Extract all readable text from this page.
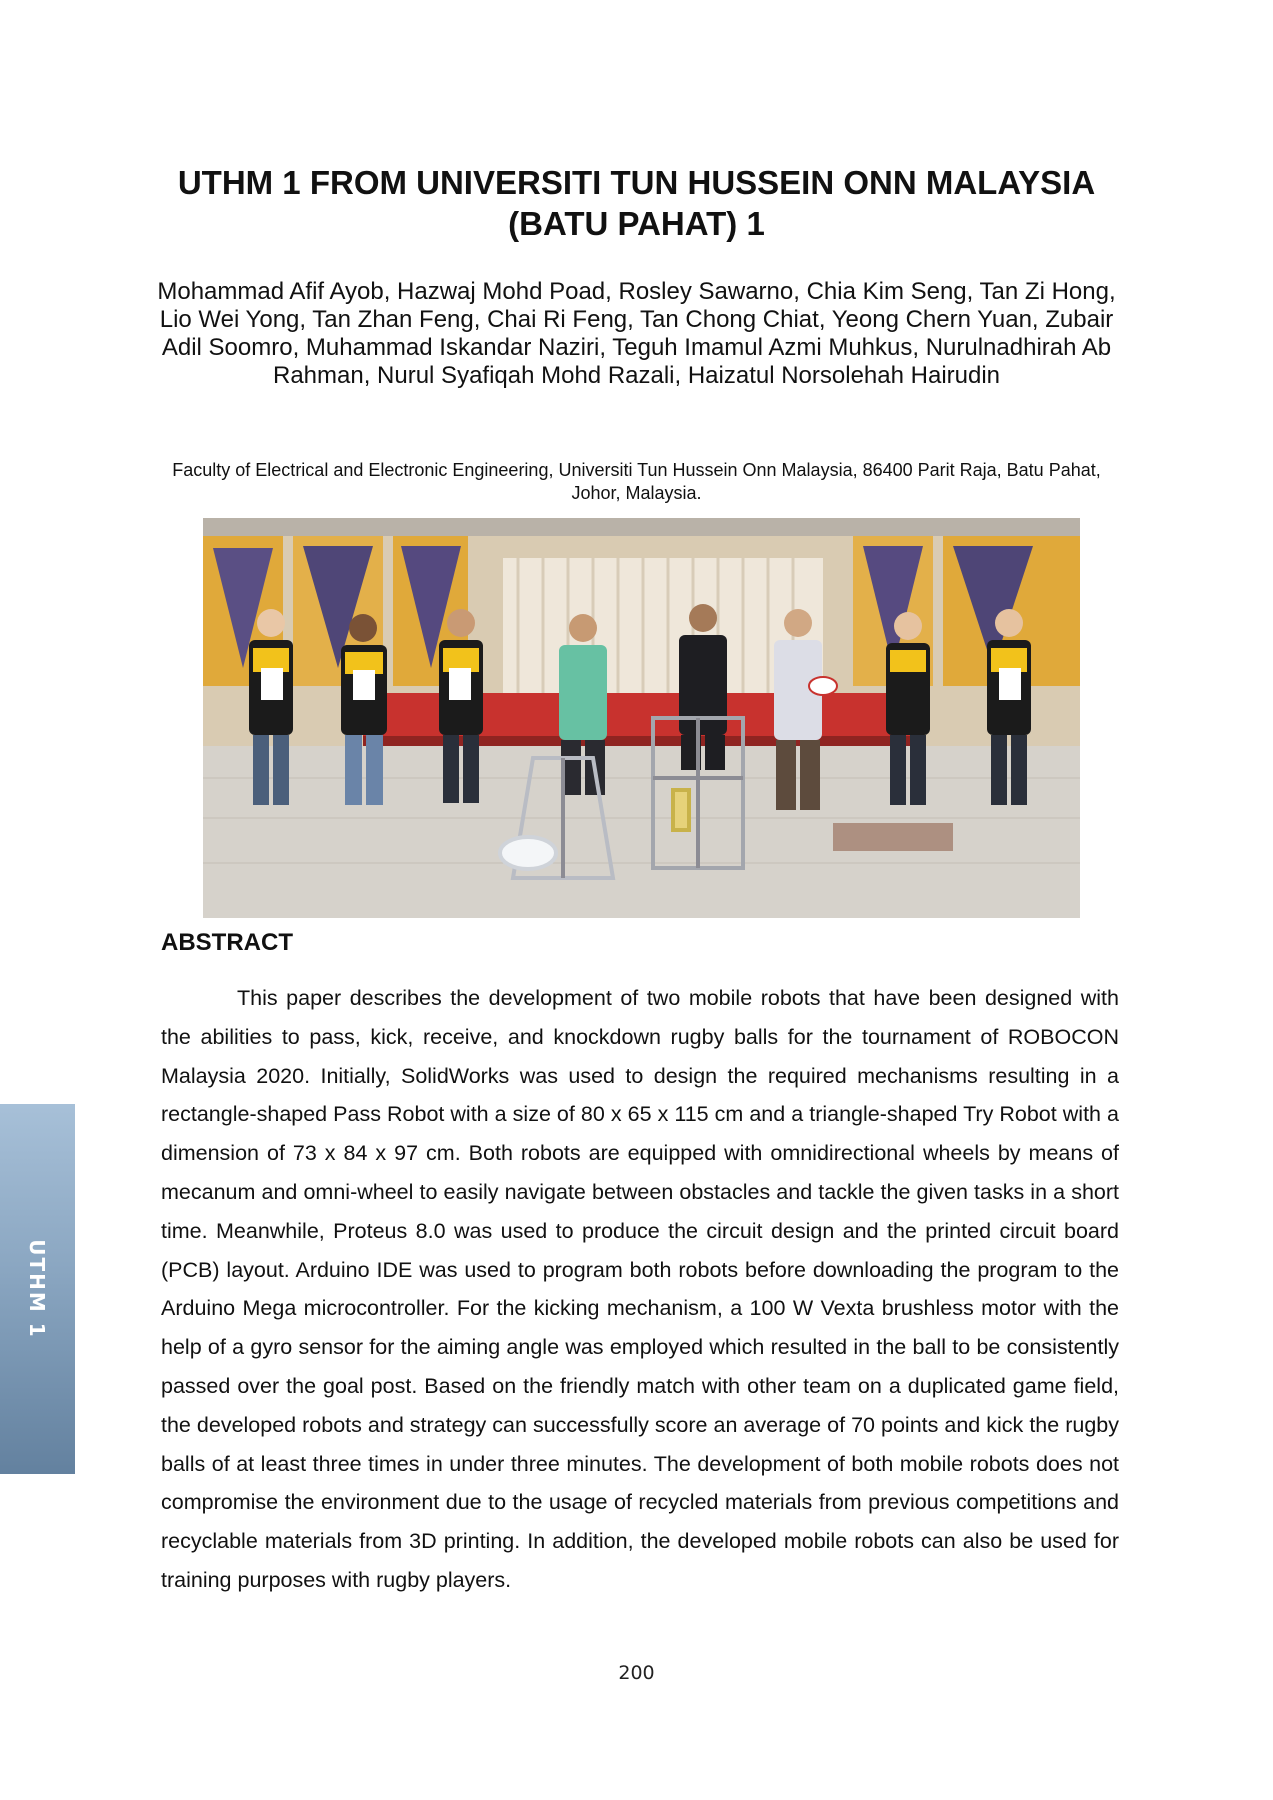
UTHM 1 FROM UNIVERSITI TUN HUSSEIN ONN MALAYSIA (BATU PAHAT) 1

Mohammad Afif Ayob, Hazwaj Mohd Poad, Rosley Sawarno, Chia Kim Seng, Tan Zi Hong, Lio Wei Yong, Tan Zhan Feng, Chai Ri Feng, Tan Chong Chiat, Yeong Chern Yuan, Zubair Adil Soomro, Muhammad Iskandar Naziri, Teguh Imamul Azmi Muhkus, Nurulnadhirah Ab Rahman, Nurul Syafiqah Mohd Razali, Haizatul Norsolehah Hairudin

Faculty of Electrical and Electronic Engineering, Universiti Tun Hussein Onn Malaysia, 86400 Parit Raja, Batu Pahat, Johor, Malaysia.

ABSTRACT

This paper describes the development of two mobile robots that have been designed with the abilities to pass, kick, receive, and knockdown rugby balls for the tournament of ROBOCON Malaysia 2020. Initially, SolidWorks was used to design the required mechanisms resulting in a rectangle-shaped Pass Robot with a size of 80 x 65 x 115 cm and a triangle-shaped Try Robot with a dimension of 73 x 84 x 97 cm. Both robots are equipped with omnidirectional wheels by means of mecanum and omni-wheel to easily navigate between obstacles and tackle the given tasks in a short time. Meanwhile, Proteus 8.0 was used to produce the circuit design and the printed circuit board (PCB) layout. Arduino IDE was used to program both robots before downloading the program to the Arduino Mega microcontroller. For the kicking mechanism, a 100 W Vexta brushless motor with the help of a gyro sensor for the aiming angle was employed which resulted in the ball to be consistently passed over the goal post. Based on the friendly match with other team on a duplicated game field, the developed robots and strategy can successfully score an average of 70 points and kick the rugby balls of at least three times in under three minutes. The development of both mobile robots does not compromise the environment due to the usage of recycled materials from previous competitions and recyclable materials from 3D printing. In addition, the developed mobile robots can also be used for training purposes with rugby players.

UTHM 1
200
